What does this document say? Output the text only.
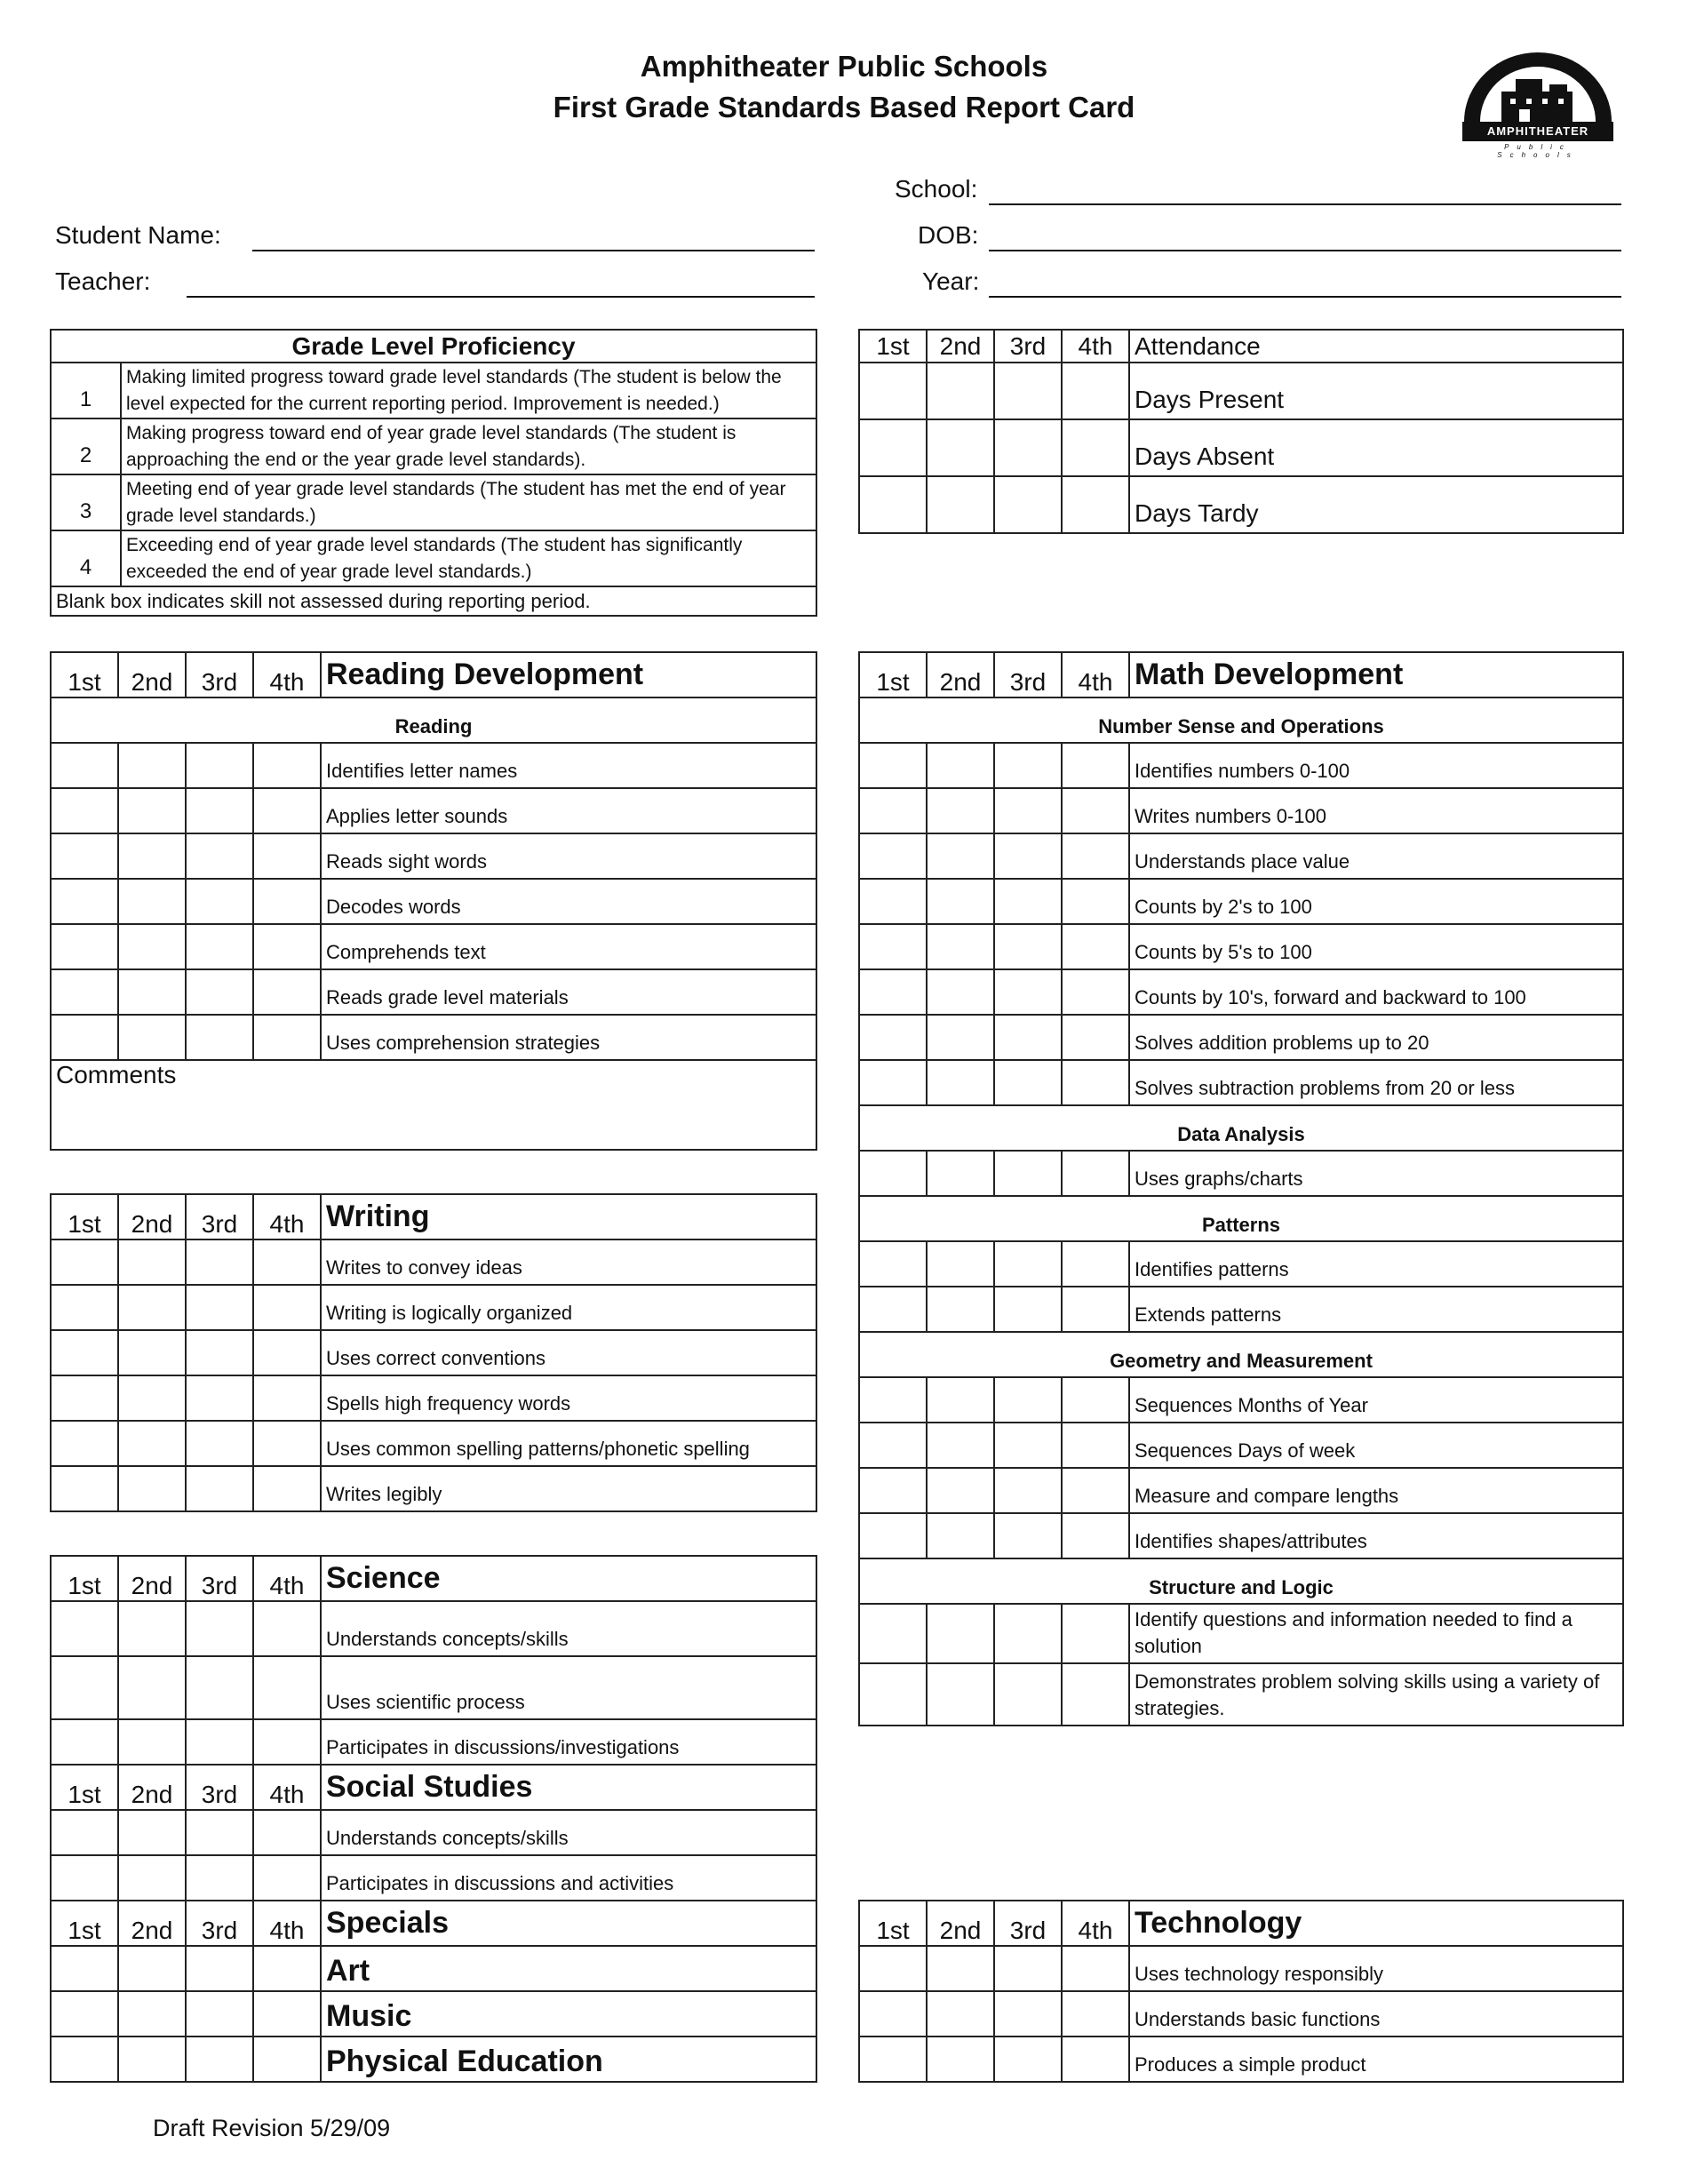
Amphitheater Public Schools
First Grade Standards Based Report Card
AMPHITHEATER
Public Schools
School:
Student Name:	DOB:
Teacher:	Year:
Grade Level Proficiency	
1	Making limited progress toward grade level standards (The student is below the level expected for the current reporting period. Improvement is needed.)
2	Making progress toward end of year grade level standards (The student is approaching the end or the year grade level standards).
3	Meeting end of year grade level standards (The student has met the end of year grade level standards.)
4	Exceeding end of year grade level standards (The student has significantly exceeded the end of year grade level standards.)
Blank box indicates skill not assessed during reporting period.	
1st	2nd	3rd	4th	Attendance
				Days Present
				Days Absent
				Days Tardy
1st	2nd	3rd	4th	Reading Development
Reading				
				Identifies letter names
				Applies letter sounds
				Reads sight words
				Decodes words
				Comprehends text
				Reads grade level materials
				Uses comprehension strategies
Comments				
1st	2nd	3rd	4th	Writing
				Writes to convey ideas
				Writing is logically organized
				Uses correct conventions
				Spells high frequency words
				Uses common spelling patterns/phonetic spelling
				Writes legibly
1st	2nd	3rd	4th	Science
				Understands concepts/skills
				Uses scientific process
				Participates in discussions/investigations
1st	2nd	3rd	4th	Social Studies
				Understands concepts/skills
				Participates in discussions and activities
1st	2nd	3rd	4th	Specials
				Art
				Music
				Physical Education
1st	2nd	3rd	4th	Math Development
Number Sense and Operations				
				Identifies numbers 0-100
				Writes numbers 0-100
				Understands place value
				Counts by 2's to 100
				Counts by 5's to 100
				Counts by 10's, forward and backward to 100
				Solves addition problems up to 20
				Solves subtraction problems from 20 or less
Data Analysis				
				Uses graphs/charts
Patterns				
				Identifies patterns
				Extends patterns
Geometry and Measurement				
				Sequences Months of Year
				Sequences Days of week
				Measure and compare lengths
				Identifies shapes/attributes
Structure and Logic				
				Identify questions and information needed to find a solution
				Demonstrates problem solving skills using a variety of strategies.
1st	2nd	3rd	4th	Technology
				Uses technology responsibly
				Understands basic functions
				Produces a simple product
Draft Revision 5/29/09
